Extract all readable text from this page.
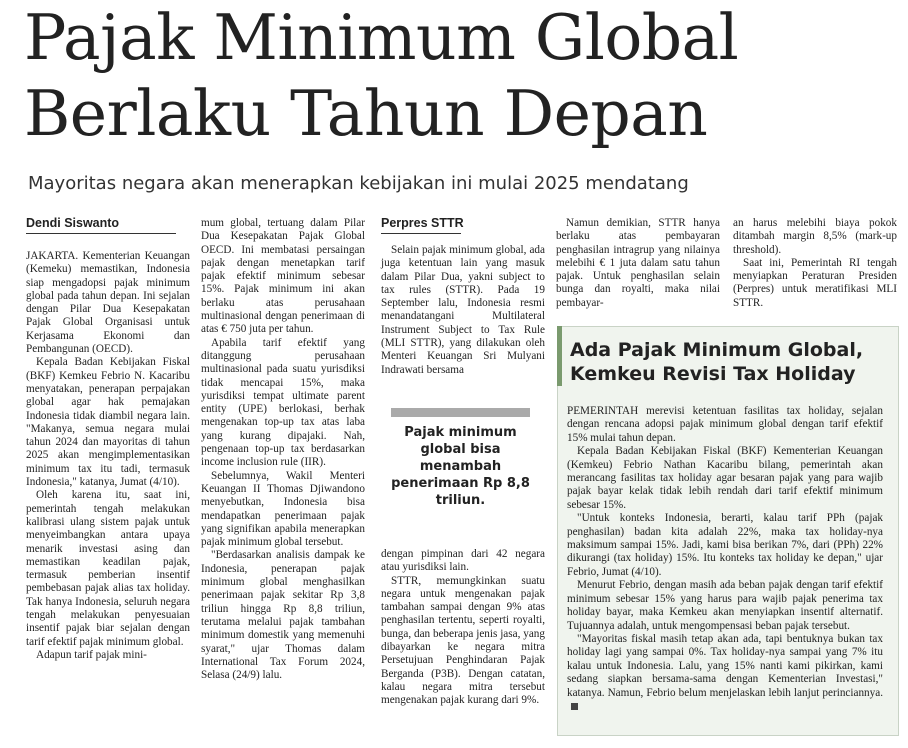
Pajak Minimum Global
Berlaku Tahun Depan
Mayoritas negara akan menerapkan kebijakan ini mulai 2025 mendatang
Dendi Siswanto

JAKARTA. Kementerian Keuangan (Kemeku) memastikan, Indonesia siap mengadopsi pajak minimum global pada tahun depan. Ini sejalan dengan Pilar Dua Kesepakatan Pajak Global Organisasi untuk Kerjasama Ekonomi dan Pembangunan (OECD).

Kepala Badan Kebijakan Fiskal (BKF) Kemkeu Febrio N. Kacaribu menyatakan, penerapan perpajakan global agar hak pemajakan Indonesia tidak diambil negara lain. "Makanya, semua negara mulai tahun 2024 dan mayoritas di tahun 2025 akan mengimplementasikan minimum tax itu tadi, termasuk Indonesia," katanya, Jumat (4/10).

Oleh karena itu, saat ini, pemerintah tengah melakukan kalibrasi ulang sistem pajak untuk menyeimbangkan antara upaya menarik investasi asing dan memastikan keadilan pajak, termasuk pemberian insentif pembebasan pajak alias tax holiday. Tak hanya Indonesia, seluruh negara tengah melakukan penyesuaian insentif pajak biar sejalan dengan tarif efektif pajak minimum global.

Adapun tarif pajak mini-

mum global, tertuang dalam Pilar Dua Kesepakatan Pajak Global OECD. Ini membatasi persaingan pajak dengan menetapkan tarif pajak efektif minimum sebesar 15%. Pajak minimum ini akan berlaku atas perusahaan multinasional dengan penerimaan di atas € 750 juta per tahun.

Apabila tarif efektif yang ditanggung perusahaan multinasional pada suatu yurisdiksi tidak mencapai 15%, maka yurisdiksi tempat ultimate parent entity (UPE) berlokasi, berhak mengenakan top-up tax atas laba yang kurang dipajaki. Nah, pengenaan top-up tax berdasarkan income inclusion rule (IIR).

Sebelumnya, Wakil Menteri Keuangan II Thomas Djiwandono menyebutkan, Indonesia bisa mendapatkan penerimaan pajak yang signifikan apabila menerapkan pajak minimum global tersebut.

"Berdasarkan analisis dampak ke Indonesia, penerapan pajak minimum global menghasilkan penerimaan pajak sekitar Rp 3,8 triliun hingga Rp 8,8 triliun, terutama melalui pajak tambahan minimum domestik yang memenuhi syarat," ujar Thomas dalam International Tax Forum 2024, Selasa (24/9) lalu.

Perpres STTR

Selain pajak minimum global, ada juga ketentuan lain yang masuk dalam Pilar Dua, yakni subject to tax rules (STTR). Pada 19 September lalu, Indonesia resmi menandatangani Multilateral Instrument Subject to Tax Rule (MLI STTR), yang dilakukan oleh Menteri Keuangan Sri Mulyani Indrawati bersama

Pajak minimum global bisa menambah penerimaan Rp 8,8 triliun.

dengan pimpinan dari 42 negara atau yurisdiksi lain.

STTR, memungkinkan suatu negara untuk mengenakan pajak tambahan sampai dengan 9% atas penghasilan tertentu, seperti royalti, bunga, dan beberapa jenis jasa, yang dibayarkan ke negara mitra Persetujuan Penghindaran Pajak Berganda (P3B). Dengan catatan, kalau negara mitra tersebut mengenakan pajak kurang dari 9%.

Namun demikian, STTR hanya berlaku atas pembayaran penghasilan intragrup yang nilainya melebihi € 1 juta dalam satu tahun pajak. Untuk penghasilan selain bunga dan royalti, maka nilai pembayar-

an harus melebihi biaya pokok ditambah margin 8,5% (mark-up threshold).

Saat ini, Pemerintah RI tengah menyiapkan Peraturan Presiden (Perpres) untuk meratifikasi MLI STTR.

Ada Pajak Minimum Global, Kemkeu Revisi Tax Holiday

PEMERINTAH merevisi ketentuan fasilitas tax holiday, sejalan dengan rencana adopsi pajak minimum global dengan tarif efektif 15% mulai tahun depan.

Kepala Badan Kebijakan Fiskal (BKF) Kementerian Keuangan (Kemkeu) Febrio Nathan Kacaribu bilang, pemerintah akan merancang fasilitas tax holiday agar besaran pajak yang para wajib pajak bayar kelak tidak lebih rendah dari tarif efektif minimum sebesar 15%.

"Untuk konteks Indonesia, berarti, kalau tarif PPh (pajak penghasilan) badan kita adalah 22%, maka tax holiday-nya maksimum sampai 15%. Jadi, kami bisa berikan 7%, dari (PPh) 22% dikurangi (tax holiday) 15%. Itu konteks tax holiday ke depan," ujar Febrio, Jumat (4/10).

Menurut Febrio, dengan masih ada beban pajak dengan tarif efektif minimum sebesar 15% yang harus para wajib pajak penerima tax holiday bayar, maka Kemkeu akan menyiapkan insentif alternatif. Tujuannya adalah, untuk mengompensasi beban pajak tersebut.

"Mayoritas fiskal masih tetap akan ada, tapi bentuknya bukan tax holiday lagi yang sampai 0%. Tax holiday-nya sampai yang 7% itu kalau untuk Indonesia. Lalu, yang 15% nanti kami pikirkan, kami sedang siapkan bersama-sama dengan Kementerian Investasi," katanya. Namun, Febrio belum menjelaskan lebih lanjut perinciannya.
